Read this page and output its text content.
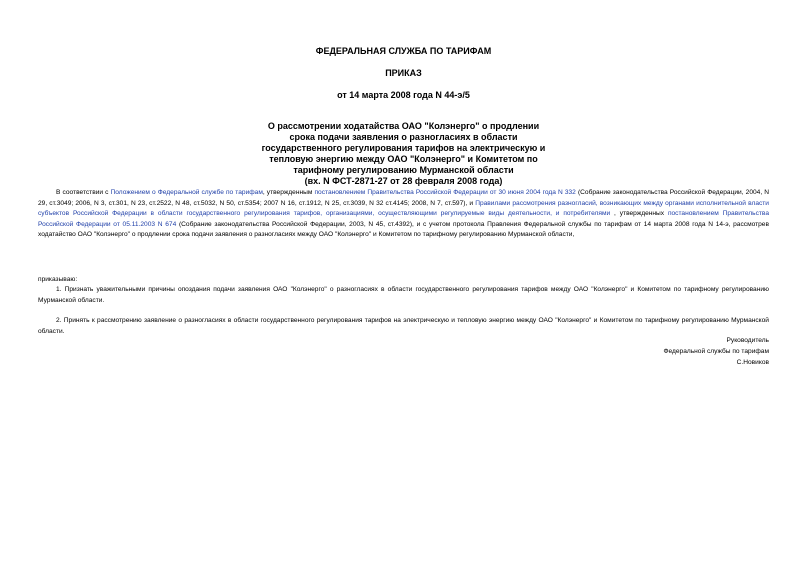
ФЕДЕРАЛЬНАЯ СЛУЖБА ПО ТАРИФАМ
ПРИКАЗ
от 14 марта 2008 года N 44-э/5
О рассмотрении ходатайства ОАО "Колэнерго" о продлении
срока подачи заявления о разногласиях в области
государственного регулирования тарифов на электрическую и
тепловую энергию между ОАО "Колэнерго" и Комитетом по
тарифному регулированию Мурманской области
(вх. N ФСТ-2871-27 от 28 февраля 2008 года)
В соответствии с Положением о Федеральной службе по тарифам, утвержденным постановлением Правительства Российской Федерации от 30 июня 2004 года N 332 (Собрание законодательства Российской Федерации, 2004, N 29, ст.3049; 2006, N 3, ст.301, N 23, ст.2522, N 48, ст.5032, N 50, ст.5354; 2007 N 16, ст.1912, N 25, ст.3039, N 32 ст.4145; 2008, N 7, ст.597), и Правилами рассмотрения разногласий, возникающих между органами исполнительной власти субъектов Российской Федерации в области государственного регулирования тарифов, организациями, осуществляющими регулируемые виды деятельности, и потребителями , утвержденных постановлением Правительства Российской Федерации от 05.11.2003 N 674 (Собрание законодательства Российской Федерации, 2003, N 45, ст.4392), и с учетом протокола Правления Федеральной службы по тарифам от 14 марта 2008 года N 14-э, рассмотрев ходатайство ОАО "Колэнерго" о продлении срока подачи заявления о разногласиях между ОАО "Колэнерго" и Комитетом по тарифному регулированию Мурманской области,
приказываю:
1. Признать уважительными причины опоздания подачи заявления ОАО "Колэнерго" о разногласиях в области государственного регулирования тарифов между ОАО "Колэнерго" и Комитетом по тарифному регулированию Мурманской области.
2. Принять к рассмотрению заявление о разногласиях в области государственного регулирования тарифов на электрическую и тепловую энергию между ОАО "Колэнерго" и Комитетом по тарифному регулированию Мурманской области.
Руководитель
Федеральной службы по тарифам
С.Новиков
